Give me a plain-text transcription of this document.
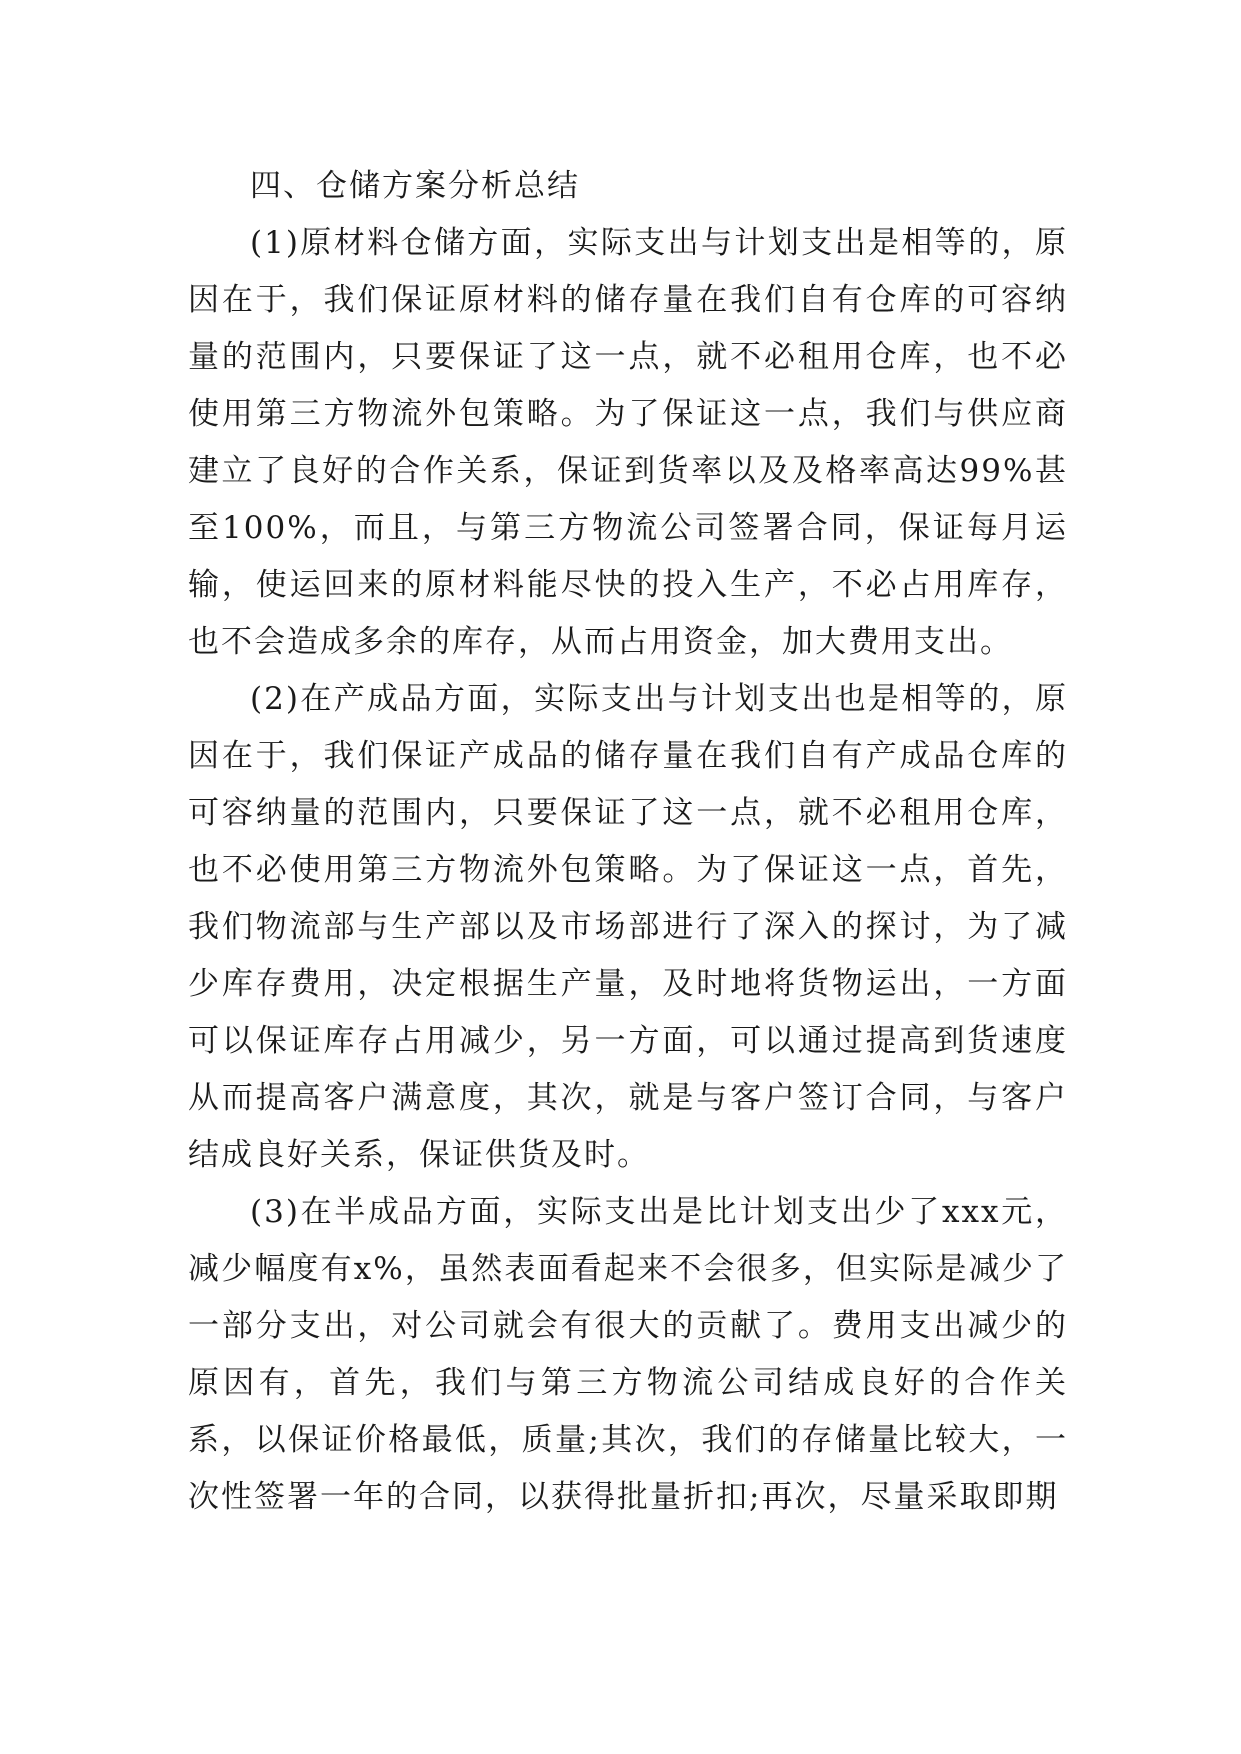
四、仓储方案分析总结

(1)原材料仓储方面，实际支出与计划支出是相等的，原因在于，我们保证原材料的储存量在我们自有仓库的可容纳量的范围内，只要保证了这一点，就不必租用仓库，也不必使用第三方物流外包策略。为了保证这一点，我们与供应商建立了良好的合作关系，保证到货率以及及格率高达99%甚至100%，而且，与第三方物流公司签署合同，保证每月运输，使运回来的原材料能尽快的投入生产，不必占用库存，也不会造成多余的库存，从而占用资金，加大费用支出。

(2)在产成品方面，实际支出与计划支出也是相等的，原因在于，我们保证产成品的储存量在我们自有产成品仓库的可容纳量的范围内，只要保证了这一点，就不必租用仓库，也不必使用第三方物流外包策略。为了保证这一点，首先，我们物流部与生产部以及市场部进行了深入的探讨，为了减少库存费用，决定根据生产量，及时地将货物运出，一方面可以保证库存占用减少，另一方面，可以通过提高到货速度从而提高客户满意度，其次，就是与客户签订合同，与客户结成良好关系，保证供货及时。

(3)在半成品方面，实际支出是比计划支出少了xxx元，减少幅度有x%，虽然表面看起来不会很多，但实际是减少了一部分支出，对公司就会有很大的贡献了。费用支出减少的原因有，首先，我们与第三方物流公司结成良好的合作关系，以保证价格最低，质量;其次，我们的存储量比较大，一次性签署一年的合同，以获得批量折扣;再次，尽量采取即期
